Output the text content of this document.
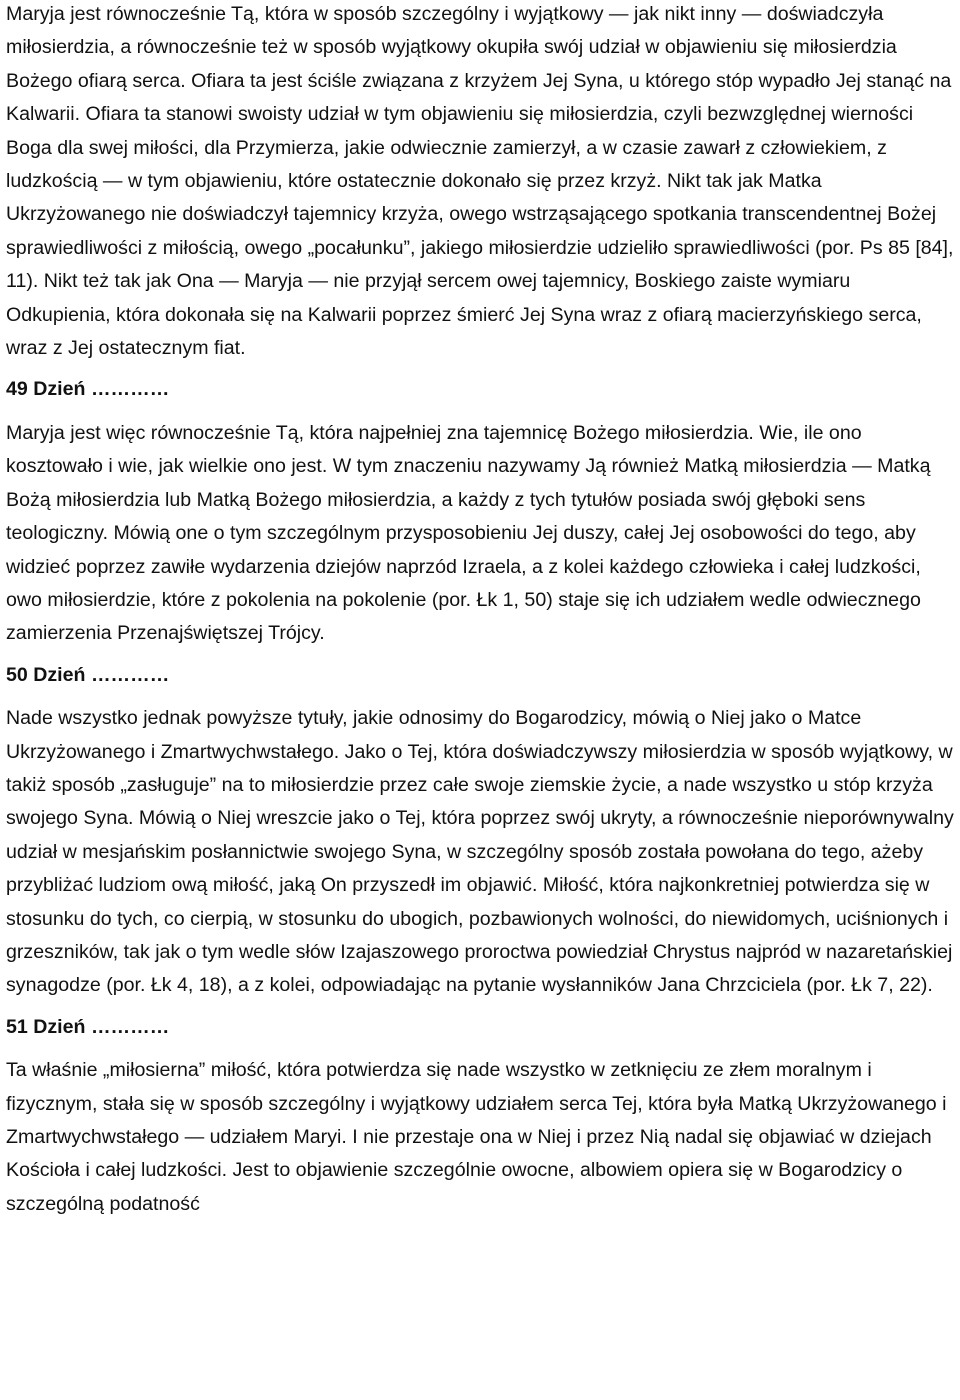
Maryja jest równocześnie Tą, która w sposób szczególny i wyjątkowy — jak nikt inny — doświadczyła miłosierdzia, a równocześnie też w sposób wyjątkowy okupiła swój udział w objawieniu się miłosierdzia Bożego ofiarą serca. Ofiara ta jest ściśle związana z krzyżem Jej Syna, u którego stóp wypadło Jej stanąć na Kalwarii. Ofiara ta stanowi swoisty udział w tym objawieniu się miłosierdzia, czyli bezwzględnej wierności Boga dla swej miłości, dla Przymierza, jakie odwiecznie zamierzył, a w czasie zawarł z człowiekiem, z ludzkością — w tym objawieniu, które ostatecznie dokonało się przez krzyż. Nikt tak jak Matka Ukrzyżowanego nie doświadczył tajemnicy krzyża, owego wstrząsającego spotkania transcendentnej Bożej sprawiedliwości z miłością, owego „pocałunku”, jakiego miłosierdzie udzieliło sprawiedliwości (por. Ps 85 [84], 11). Nikt też tak jak Ona — Maryja — nie przyjął sercem owej tajemnicy, Boskiego zaiste wymiaru Odkupienia, która dokonała się na Kalwarii poprzez śmierć Jej Syna wraz z ofiarą macierzyńskiego serca, wraz z Jej ostatecznym fiat.

49 Dzień …………

Maryja jest więc równocześnie Tą, która najpełniej zna tajemnicę Bożego miłosierdzia. Wie, ile ono kosztowało i wie, jak wielkie ono jest. W tym znaczeniu nazywamy Ją również Matką miłosierdzia — Matką Bożą miłosierdzia lub Matką Bożego miłosierdzia, a każdy z tych tytułów posiada swój głęboki sens teologiczny. Mówią one o tym szczególnym przysposobieniu Jej duszy, całej Jej osobowości do tego, aby widzieć poprzez zawiłe wydarzenia dziejów naprzód Izraela, a z kolei każdego człowieka i całej ludzkości, owo miłosierdzie, które z pokolenia na pokolenie (por. Łk 1, 50) staje się ich udziałem wedle odwiecznego zamierzenia Przenajświętszej Trójcy.

50 Dzień …………

Nade wszystko jednak powyższe tytuły, jakie odnosimy do Bogarodzicy, mówią o Niej jako o Matce Ukrzyżowanego i Zmartwychwstałego. Jako o Tej, która doświadczywszy miłosierdzia w sposób wyjątkowy, w takiż sposób „zasługuje” na to miłosierdzie przez całe swoje ziemskie życie, a nade wszystko u stóp krzyża swojego Syna. Mówią o Niej wreszcie jako o Tej, która poprzez swój ukryty, a równocześnie nieporównywalny udział w mesjańskim posłannictwie swojego Syna, w szczególny sposób została powołana do tego, ażeby przybliżać ludziom ową miłość, jaką On przyszedł im objawić. Miłość, która najkonkretniej potwierdza się w stosunku do tych, co cierpią, w stosunku do ubogich, pozbawionych wolności, do niewidomych, uciśnionych i grzeszników, tak jak o tym wedle słów Izajaszowego proroctwa powiedział Chrystus najpród w nazaretańskiej synagodze (por. Łk 4, 18), a z kolei, odpowiadając na pytanie wysłanników Jana Chrzciciela (por. Łk 7, 22).

51 Dzień …………

Ta właśnie „miłosierna” miłość, która potwierdza się nade wszystko w zetknięciu ze złem moralnym i fizycznym, stała się w sposób szczególny i wyjątkowy udziałem serca Tej, która była Matką Ukrzyżowanego i Zmartwychwstałego — udziałem Maryi. I nie przestaje ona w Niej i przez Nią nadal się objawiać w dziejach Kościoła i całej ludzkości. Jest to objawienie szczególnie owocne, albowiem opiera się w Bogarodzicy o szczególną podatność
